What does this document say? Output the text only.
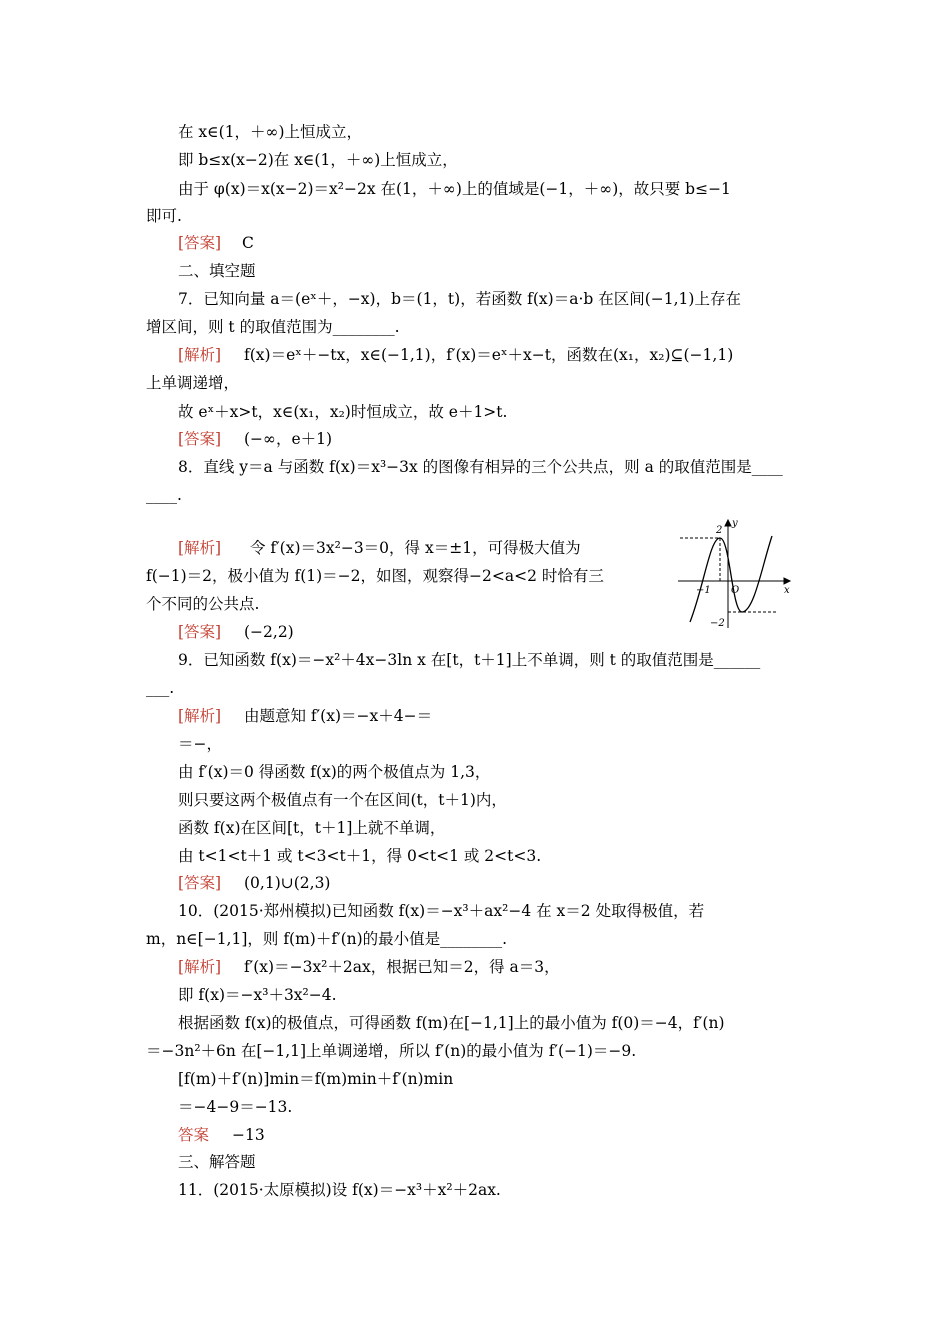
在 x∈(1，＋∞)上恒成立，
即 b≤x(x−2)在 x∈(1，＋∞)上恒成立，
由于 φ(x)＝x(x−2)＝x²−2x 在(1，＋∞)上的值域是(−1，＋∞)，故只要 b≤−1
即可.
[答案] C
二、填空题
7．已知向量 a＝(eˣ＋，−x)，b＝(1，t)，若函数 f(x)＝a·b 在区间(−1,1)上存在
增区间，则 t 的取值范围为________.
[解析] f(x)＝eˣ＋−tx，x∈(−1,1)，f′(x)＝eˣ＋x−t，函数在(x₁，x₂)⊆(−1,1)
上单调递增，
故 eˣ＋x>t，x∈(x₁，x₂)时恒成立，故 e＋1>t.
[答案] (−∞，e＋1)
8．直线 y＝a 与函数 f(x)＝x³−3x 的图像有相异的三个公共点，则 a 的取值范围是____
____.
[解析] 令 f′(x)＝3x²−3＝0，得 x＝±1，可得极大值为
f(−1)＝2，极小值为 f(1)＝−2，如图，观察得−2<a<2 时恰有三
个不同的公共点.
[答案] (−2,2)
y
x
O
2
−1
−2
9．已知函数 f(x)＝−x²＋4x−3ln x 在[t，t＋1]上不单调，则 t 的取值范围是______
___.
[解析] 由题意知 f′(x)＝−x＋4−＝
＝−，
由 f′(x)＝0 得函数 f(x)的两个极值点为 1,3，
则只要这两个极值点有一个在区间(t，t＋1)内，
函数 f(x)在区间[t，t＋1]上就不单调，
由 t<1<t＋1 或 t<3<t＋1，得 0<t<1 或 2<t<3.
[答案] (0,1)∪(2,3)
10．(2015·郑州模拟)已知函数 f(x)＝−x³＋ax²−4 在 x＝2 处取得极值，若
m，n∈[−1,1]，则 f(m)＋f′(n)的最小值是________.
[解析] f′(x)＝−3x²＋2ax，根据已知＝2，得 a＝3，
即 f(x)＝−x³＋3x²−4.
根据函数 f(x)的极值点，可得函数 f(m)在[−1,1]上的最小值为 f(0)＝−4，f′(n)
＝−3n²＋6n 在[−1,1]上单调递增，所以 f′(n)的最小值为 f′(−1)＝−9.
[f(m)＋f′(n)]min＝f(m)min＋f′(n)min
＝−4−9＝−13.
答案 −13
三、解答题
11．(2015·太原模拟)设 f(x)＝−x³＋x²＋2ax.
